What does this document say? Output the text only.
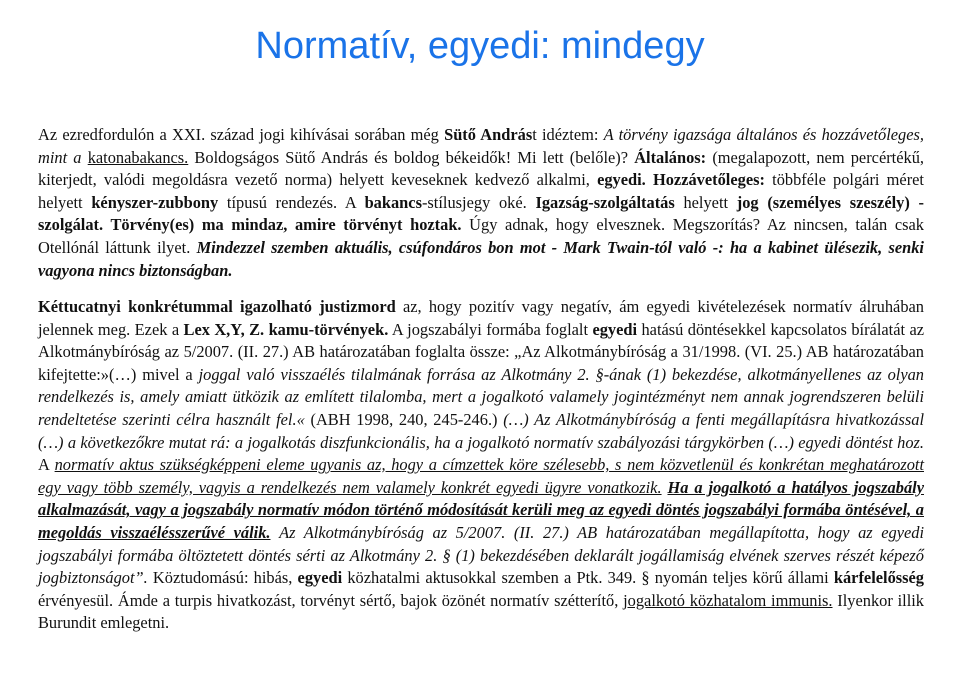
Normatív, egyedi: mindegy
Az ezredfordulón a XXI. század jogi kihívásai sorában még Sütő Andrást idéztem: A törvény igazsága általános és hozzávetőleges, mint a katonabakancs. Boldogságos Sütő András és boldog békeidők! Mi lett (belőle)? Általános: (megalapozott, nem percértékű, kiterjedt, valódi megoldásra vezető norma) helyett keveseknek kedvező alkalmi, egyedi. Hozzávetőleges: többféle polgári méret helyett kényszer-zubbony típusú rendezés. A bakancs-stílusjegy oké. Igazság-szolgáltatás helyett jog (személyes szeszély) -szolgálat. Törvény(es) ma mindaz, amire törvényt hoztak. Úgy adnak, hogy elvesznek. Megszorítás? Az nincsen, talán csak Otellónál láttunk ilyet. Mindezzel szemben aktuális, csúfondáros bon mot - Mark Twain-tól való -: ha a kabinet ülésezik, senki vagyona nincs biztonságban.
Kéttucatnyi konkrétummal igazolható justizmord az, hogy pozitív vagy negatív, ám egyedi kivételezések normatív álruhában jelennek meg. Ezek a Lex X,Y, Z. kamu-törvények. A jogszabályi formába foglalt egyedi hatású döntésekkel kapcsolatos bírálatát az Alkotmánybíróság az 5/2007. (II. 27.) AB határozatában foglalta össze: „Az Alkotmánybíróság a 31/1998. (VI. 25.) AB határozatában kifejtette:»(…) mivel a joggal való visszaélés tilalmának forrása az Alkotmány 2. §-ának (1) bekezdése, alkotmányellenes az olyan rendelkezés is, amely amiatt ütközik az említett tilalomba, mert a jogalkotó valamely jogintézményt nem annak jogrendszeren belüli rendeltetése szerinti célra használt fel.« (ABH 1998, 240, 245-246.) (…) Az Alkotmánybíróság a fenti megállapításra hivatkozással (…) a következőkre mutat rá: a jogalkotás diszfunkcionális, ha a jogalkotó normatív szabályozási tárgykörben (…) egyedi döntést hoz. A normatív aktus szükségképpeni eleme ugyanis az, hogy a címzettek köre szélesebb, s nem közvetlenül és konkrétan meghatározott egy vagy több személy, vagyis a rendelkezés nem valamely konkrét egyedi ügyre vonatkozik. Ha a jogalkotó a hatályos jogszabály alkalmazását, vagy a jogszabály normatív módon történő módosítását kerüli meg az egyedi döntés jogszabályi formába öntésével, a megoldás visszaélésszerűvé válik. Az Alkotmánybíróság az 5/2007. (II. 27.) AB határozatában megállapította, hogy az egyedi jogszabályi formába öltöztetett döntés sérti az Alkotmány 2. § (1) bekezdésében deklarált jogállamiság elvének szerves részét képező jogbiztonságot”. Köztudomású: hibás, egyedi közhatalmi aktusokkal szemben a Ptk. 349. § nyomán teljes körű állami kárfelelősség érvényesül. Ámde a turpis hivatkozást, torvényt sértő, bajok özönét normatív szétterítő, jogalkotó közhatalom immunis. Ilyenkor illik Burundit emlegetni.
